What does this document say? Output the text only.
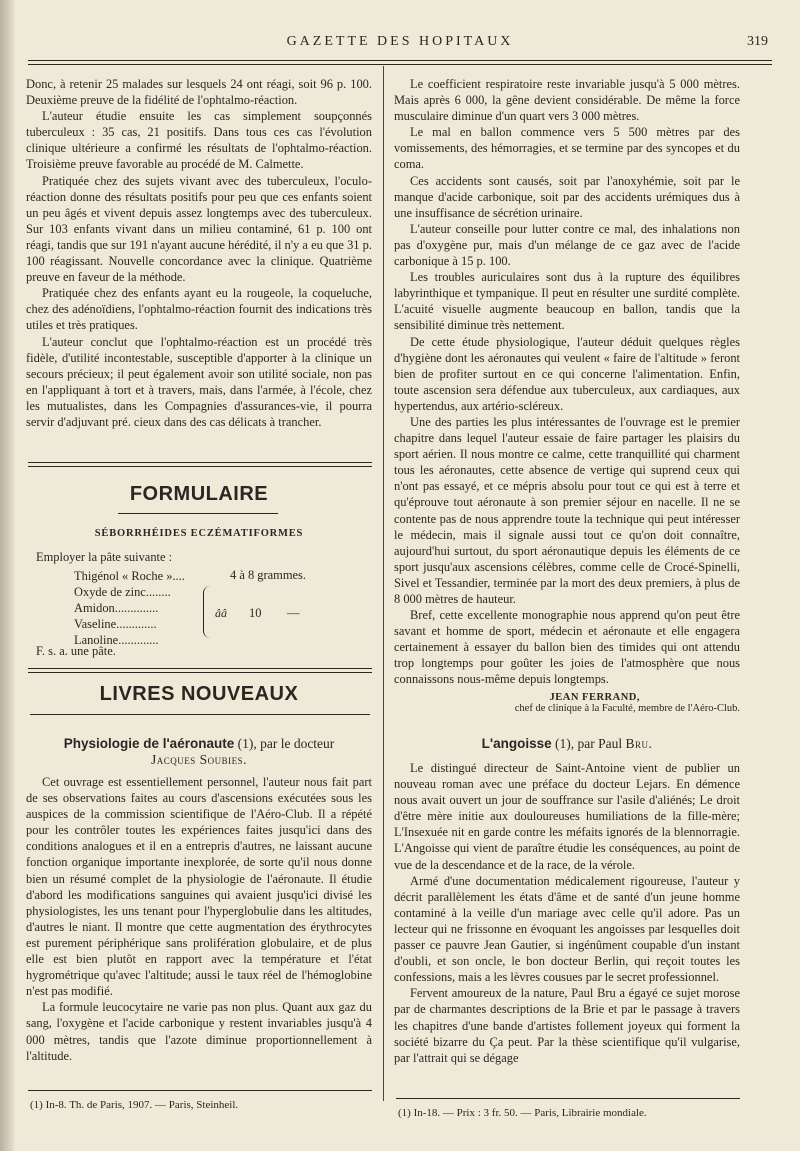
GAZETTE DES HOPITAUX	319

Donc, à retenir 25 malades sur lesquels 24 ont réagi, soit 96 p. 100. Deuxième preuve de la fidélité de l'ophtalmo-réaction.

L'auteur étudie ensuite les cas simplement soupçonnés tuberculeux : 35 cas, 21 positifs. Dans tous ces cas l'évolution clinique ultérieure a confirmé les résultats de l'ophtalmo-réaction. Troisième preuve favorable au procédé de M. Calmette.

Pratiquée chez des sujets vivant avec des tuberculeux, l'oculo-réaction donne des résultats positifs pour peu que ces enfants soient un peu âgés et vivent depuis assez longtemps avec des tuberculeux. Sur 103 enfants vivant dans un milieu contaminé, 61 p. 100 ont réagi, tandis que sur 191 n'ayant aucune hérédité, il n'y a eu que 31 p. 100 réagissant. Nouvelle concordance avec la clinique. Quatrième preuve en faveur de la méthode.

Pratiquée chez des enfants ayant eu la rougeole, la coqueluche, chez des adénoïdiens, l'ophtalmo-réaction fournit des indications très utiles et très pratiques.

L'auteur conclut que l'ophtalmo-réaction est un procédé très fidèle, d'utilité incontestable, susceptible d'apporter à la clinique un secours précieux; il peut également avoir son utilité sociale, non pas en l'appliquant à tort et à travers, mais, dans l'armée, à l'école, chez les mutualistes, dans les Compagnies d'assurances-vie, il pourra servir d'adjuvant pré. cieux dans des cas délicats à trancher.

FORMULAIRE
SÉBORRHÉIDES ECZÉMATIFORMES
Employer la pâte suivante :
Thigénol « Roche »....
Oxyde de zinc........
Amidon..............
Vaseline.............
Lanoline.............
4 à 8 grammes.
ââ 10 —
F. s. a. une pâte.
LIVRES NOUVEAUX
Physiologie de l'aéronaute (1), par le docteur
Jacques Soubies.

Cet ouvrage est essentiellement personnel, l'auteur nous fait part de ses observations faites au cours d'ascensions exécutées sous les auspices de la commission scientifique de l'Aéro-Club. Il a répété pour les contrôler toutes les expériences faites jusqu'ici dans des conditions analogues et il en a entrepris d'autres, ne laissant aucune fonction organique importante inexplorée, de sorte qu'il nous donne bien un résumé complet de la physiologie de l'aéronaute. Il étudie d'abord les modifications sanguines qui avaient jusqu'ici divisé les physiologistes, les uns tenant pour l'hyperglobulie dans les altitudes, d'autres le niant. Il montre que cette augmentation des érythrocytes est purement périphérique sans prolifération globulaire, et de plus elle est bien plutôt en rapport avec la température et l'état hygrométrique qu'avec l'altitude; aussi le taux réel de l'hémoglobine n'est pas modifié.

La formule leucocytaire ne varie pas non plus. Quant aux gaz du sang, l'oxygène et l'acide carbonique y restent invariables jusqu'à 4 000 mètres, tandis que l'azote diminue proportionnellement à l'altitude.

(1) In-8. Th. de Paris, 1907. — Paris, Steinheil.

Le coefficient respiratoire reste invariable jusqu'à 5 000 mètres. Mais après 6 000, la gêne devient considérable. De même la force musculaire diminue d'un quart vers 3 000 mètres.

Le mal en ballon commence vers 5 500 mètres par des vomissements, des hémorragies, et se termine par des syncopes et du coma.

Ces accidents sont causés, soit par l'anoxyhémie, soit par le manque d'acide carbonique, soit par des accidents urémiques dus à une insuffisance de sécrétion urinaire.

L'auteur conseille pour lutter contre ce mal, des inhalations non pas d'oxygène pur, mais d'un mélange de ce gaz avec de l'acide carbonique à 15 p. 100.

Les troubles auriculaires sont dus à la rupture des équilibres labyrinthique et tympanique. Il peut en résulter une surdité complète. L'acuité visuelle augmente beaucoup en ballon, tandis que la sensibilité diminue très nettement.

De cette étude physiologique, l'auteur déduit quelques règles d'hygiène dont les aéronautes qui veulent « faire de l'altitude » feront bien de profiter surtout en ce qui concerne l'alimentation. Enfin, toute ascension sera défendue aux tuberculeux, aux cardiaques, aux hypertendus, aux artério-scléreux.

Une des parties les plus intéressantes de l'ouvrage est le premier chapitre dans lequel l'auteur essaie de faire partager les plaisirs du sport aérien. Il nous montre ce calme, cette tranquillité qui charment tous les aéronautes, cette absence de vertige qui suprend ceux qui n'ont pas essayé, et ce mépris absolu pour tout ce qui est à terre et qu'éprouve tout aéronaute à son premier séjour en nacelle. Il ne se contente pas de nous apprendre toute la technique qui peut intéresser le médecin, mais il signale aussi tout ce qu'on doit connaître, aujourd'hui surtout, du sport aéronautique depuis les éléments de ce sport jusqu'aux ascensions célèbres, comme celle de Crocé-Spinelli, Sivel et Tessandier, terminée par la mort des deux premiers, à plus de 8 000 mètres de hauteur.

Bref, cette excellente monographie nous apprend qu'on peut être savant et homme de sport, médecin et aéronaute et elle engagera certainement à essayer du ballon bien des timides qui ont attendu trop longtemps pour goûter les joies de l'atmosphère que nous connaissons nous-même depuis longtemps.

JEAN FERRAND,
chef de clinique à la Faculté, membre de l'Aéro-Club.
L'angoisse (1), par Paul Bru.

Le distingué directeur de Saint-Antoine vient de publier un nouveau roman avec une préface du docteur Lejars. En démence nous avait ouvert un jour de souffrance sur l'asile d'aliénés; Le droit d'être mère initie aux douloureuses humiliations de la fille-mère; L'Insexuée nit en garde contre les méfaits ignorés de la blennorragie. L'Angoisse qui vient de paraître étudie les conséquences, au point de vue de la descendance et de la race, de la vérole.

Armé d'une documentation médicalement rigoureuse, l'auteur y décrit parallèlement les états d'âme et de santé d'un jeune homme contaminé à la veille d'un mariage avec celle qu'il adore. Pas un lecteur qui ne frissonne en évoquant les angoisses par lesquelles doit passer ce pauvre Jean Gautier, si ingénûment coupable d'un instant d'oubli, et son oncle, le bon docteur Berlin, qui reçoit toutes les confessions, mais a les lèvres cousues par le secret professionnel.

Fervent amoureux de la nature, Paul Bru a égayé ce sujet morose par de charmantes descriptions de la Brie et par le passage à travers les chapitres d'une bande d'artistes follement joyeux qui forment la société bizarre du Ça peut. Par la thèse scientifique qu'il vulgarise, par l'attrait qui se dégage

(1) In-18. — Prix : 3 fr. 50. — Paris, Librairie mondiale.
